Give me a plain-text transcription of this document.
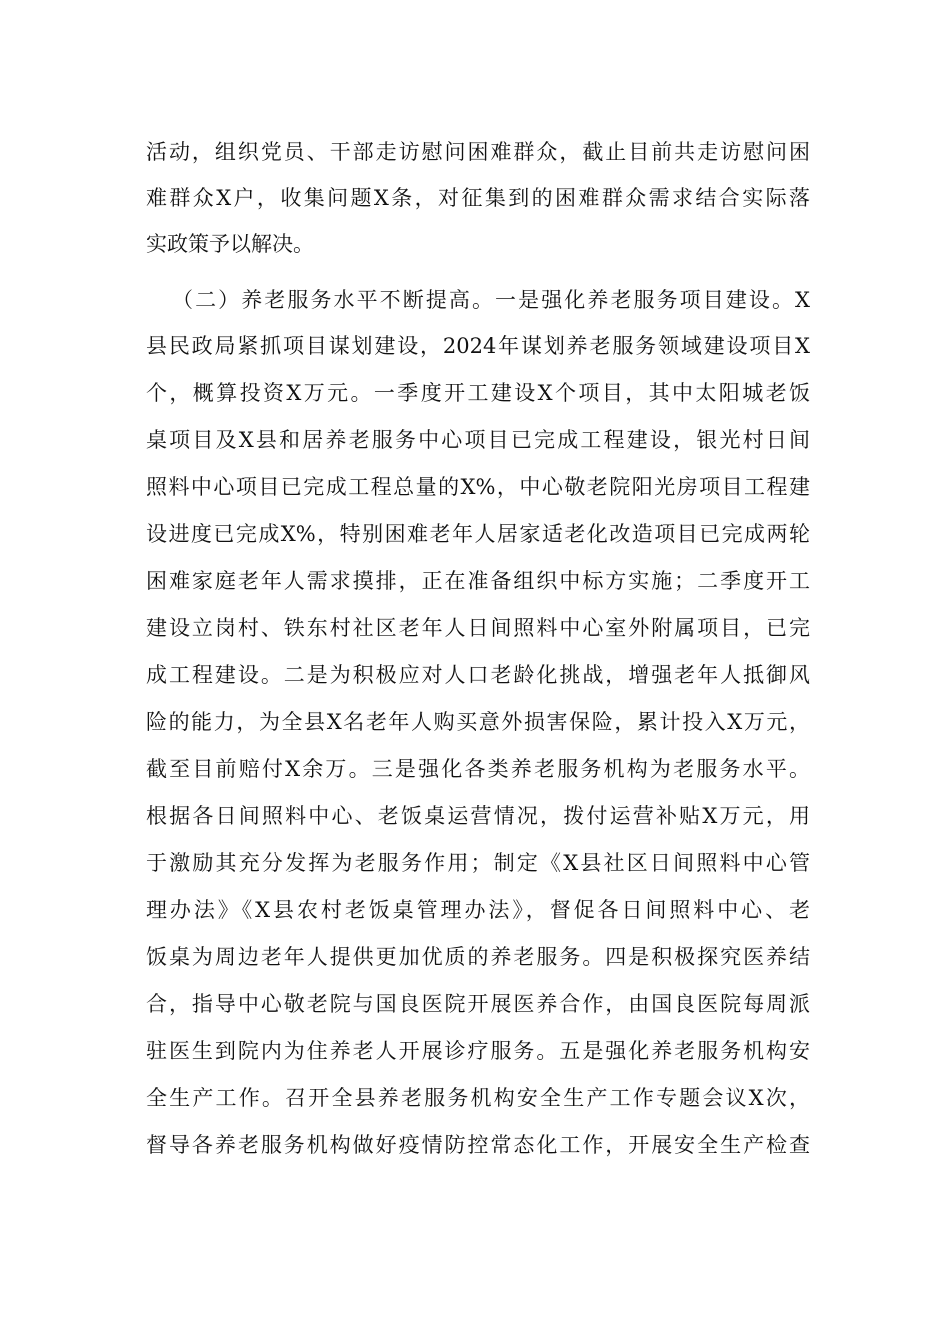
活动，组织党员、干部走访慰问困难群众，截止目前共走访慰问困
难群众X户，收集问题X条，对征集到的困难群众需求结合实际落
实政策予以解决。
（二）养老服务水平不断提高。一是强化养老服务项目建设。X
县民政局紧抓项目谋划建设，2024年谋划养老服务领域建设项目X
个，概算投资X万元。一季度开工建设X个项目，其中太阳城老饭
桌项目及X县和居养老服务中心项目已完成工程建设，银光村日间
照料中心项目已完成工程总量的X%，中心敬老院阳光房项目工程建
设进度已完成X%，特别困难老年人居家适老化改造项目已完成两轮
困难家庭老年人需求摸排，正在准备组织中标方实施；二季度开工
建设立岗村、铁东村社区老年人日间照料中心室外附属项目，已完
成工程建设。二是为积极应对人口老龄化挑战，增强老年人抵御风
险的能力，为全县X名老年人购买意外损害保险，累计投入X万元，
截至目前赔付X余万。三是强化各类养老服务机构为老服务水平。
根据各日间照料中心、老饭桌运营情况，拨付运营补贴X万元，用
于激励其充分发挥为老服务作用；制定《X县社区日间照料中心管
理办法》《X县农村老饭桌管理办法》，督促各日间照料中心、老
饭桌为周边老年人提供更加优质的养老服务。四是积极探究医养结
合，指导中心敬老院与国良医院开展医养合作，由国良医院每周派
驻医生到院内为住养老人开展诊疗服务。五是强化养老服务机构安
全生产工作。召开全县养老服务机构安全生产工作专题会议X次，
督导各养老服务机构做好疫情防控常态化工作，开展安全生产检查
